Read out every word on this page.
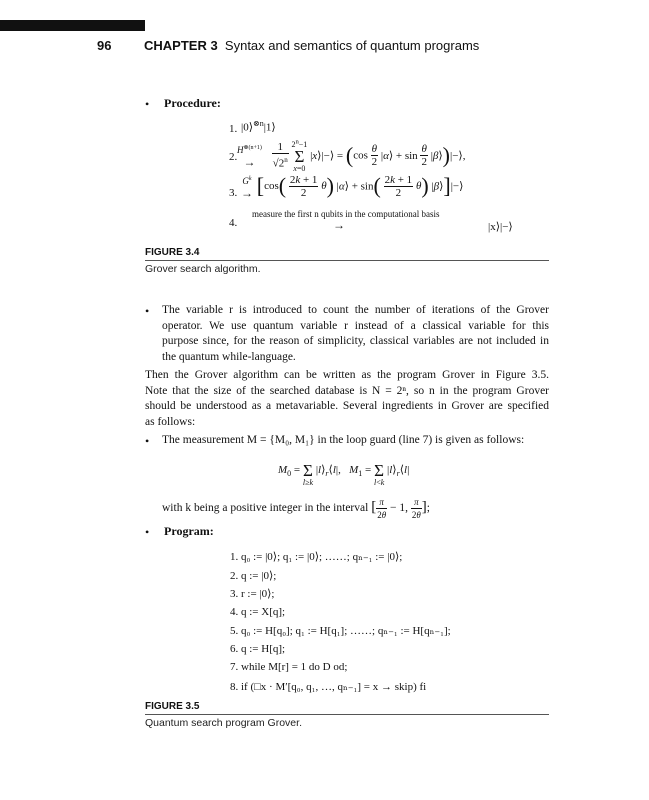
96	CHAPTER 3 Syntax and semantics of quantum programs
• Procedure:
1. |0⟩$^{\otimes n}$|1⟩
2.
$H^{\otimes(n+1)}$
→
	$\frac{1}{√2^n} 2^n-1$
Σ
x=0 |x⟩|−⟩ = ($\cos \frac{\theta}{2}$ |α⟩ + $\sin \frac{\theta}{2}$ |β⟩)|−⟩,
3.
$G^k$
→ [$\cos( \frac{2k + 1}{2} \theta)$ |α⟩ + $\sin( \frac{2k + 1}{2} \theta)$ |β⟩]|−⟩
4.
measure the first n qubits in the computational basis
→	|x⟩|−⟩
FIGURE 3.4
Grover search algorithm.
• The variable r is introduced to count the number of iterations of the Grover
operator. We use quantum variable r instead of a classical variable for this
purpose since, for the reason of simplicity, classical variables are not included in
the quantum while-language.
Then the Grover algorithm can be written as the program Grover in Figure 3.5.
Note that the size of the searched database is N = 2ⁿ, so n in the program Grover
should be understood as a metavariable. Several ingredients in Grover are specified
as follows:
• The measurement M = {M₀, M₁} in the loop guard (line 7) is given as follows:
$M_0 = \Sigma$
l≥k $|l⟩_r⟨l|$,   $M_1 = \Sigma$
l<k $|l⟩_r⟨l|$
with k being a positive integer in the interval [ $\frac{\pi}{2\theta} - 1$, $\frac{\pi}{2\theta}$ ];
• Program:
1. q₀ := |0⟩; q₁ := |0⟩; ……; qₙ₋₁ := |0⟩;
2. q := |0⟩;
3. r := |0⟩;
4. q := X[q];
5. q₀ := H[q₀]; q₁ := H[q₁]; ……; qₙ₋₁ := H[qₙ₋₁];
6. q := H[q];
7. while M[r] = 1 do D od;
8. if (□x · M′[q₀, q₁, …, qₙ₋₁] = x → skip) fi
FIGURE 3.5
Quantum search program Grover.
